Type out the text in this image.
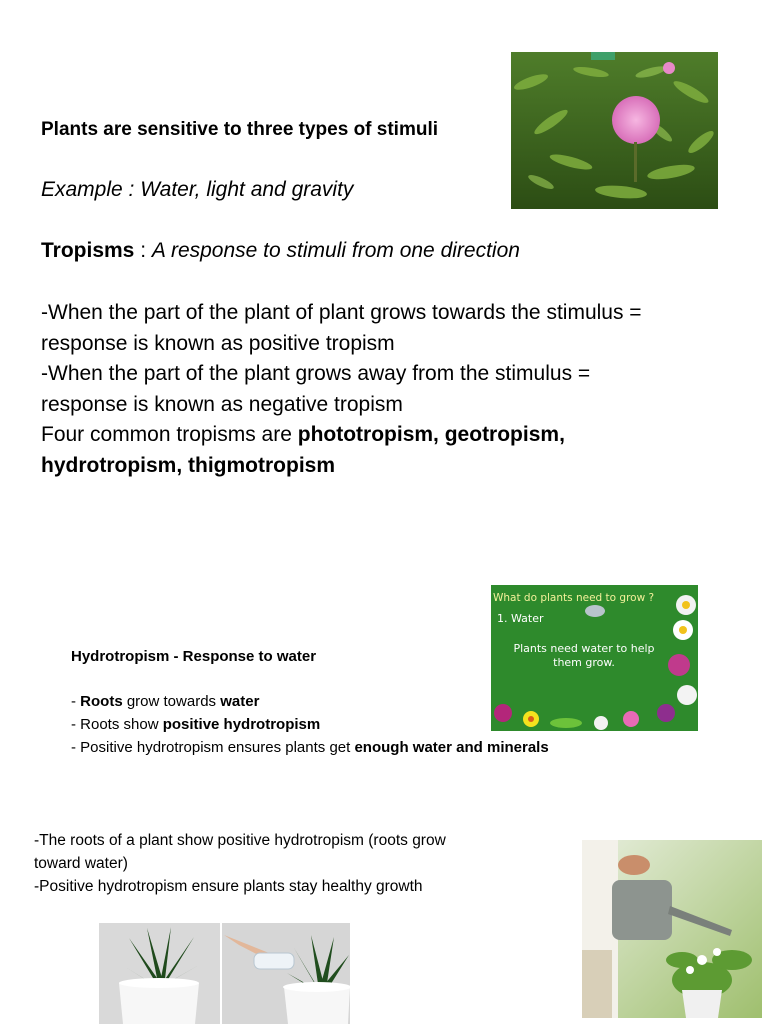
Plants are sensitive to three types of stimuli
Example : Water, light and gravity
Tropisms : A response to stimuli from one direction
-When the part of the plant of plant grows towards the stimulus = response is known as positive tropism
-When the part of the plant grows away from the stimulus = response is known as negative tropism
Four common tropisms are phototropism, geotropism, hydrotropism, thigmotropism
What do plants need to grow ?
1. Water
Plants need water to help them grow.
Hydrotropism - Response to water
- Roots grow towards water
- Roots show positive hydrotropism
- Positive hydrotropism ensures plants get enough water and minerals
-The roots of a plant show positive hydrotropism (roots grow toward water)
-Positive hydrotropism ensure plants stay healthy growth
